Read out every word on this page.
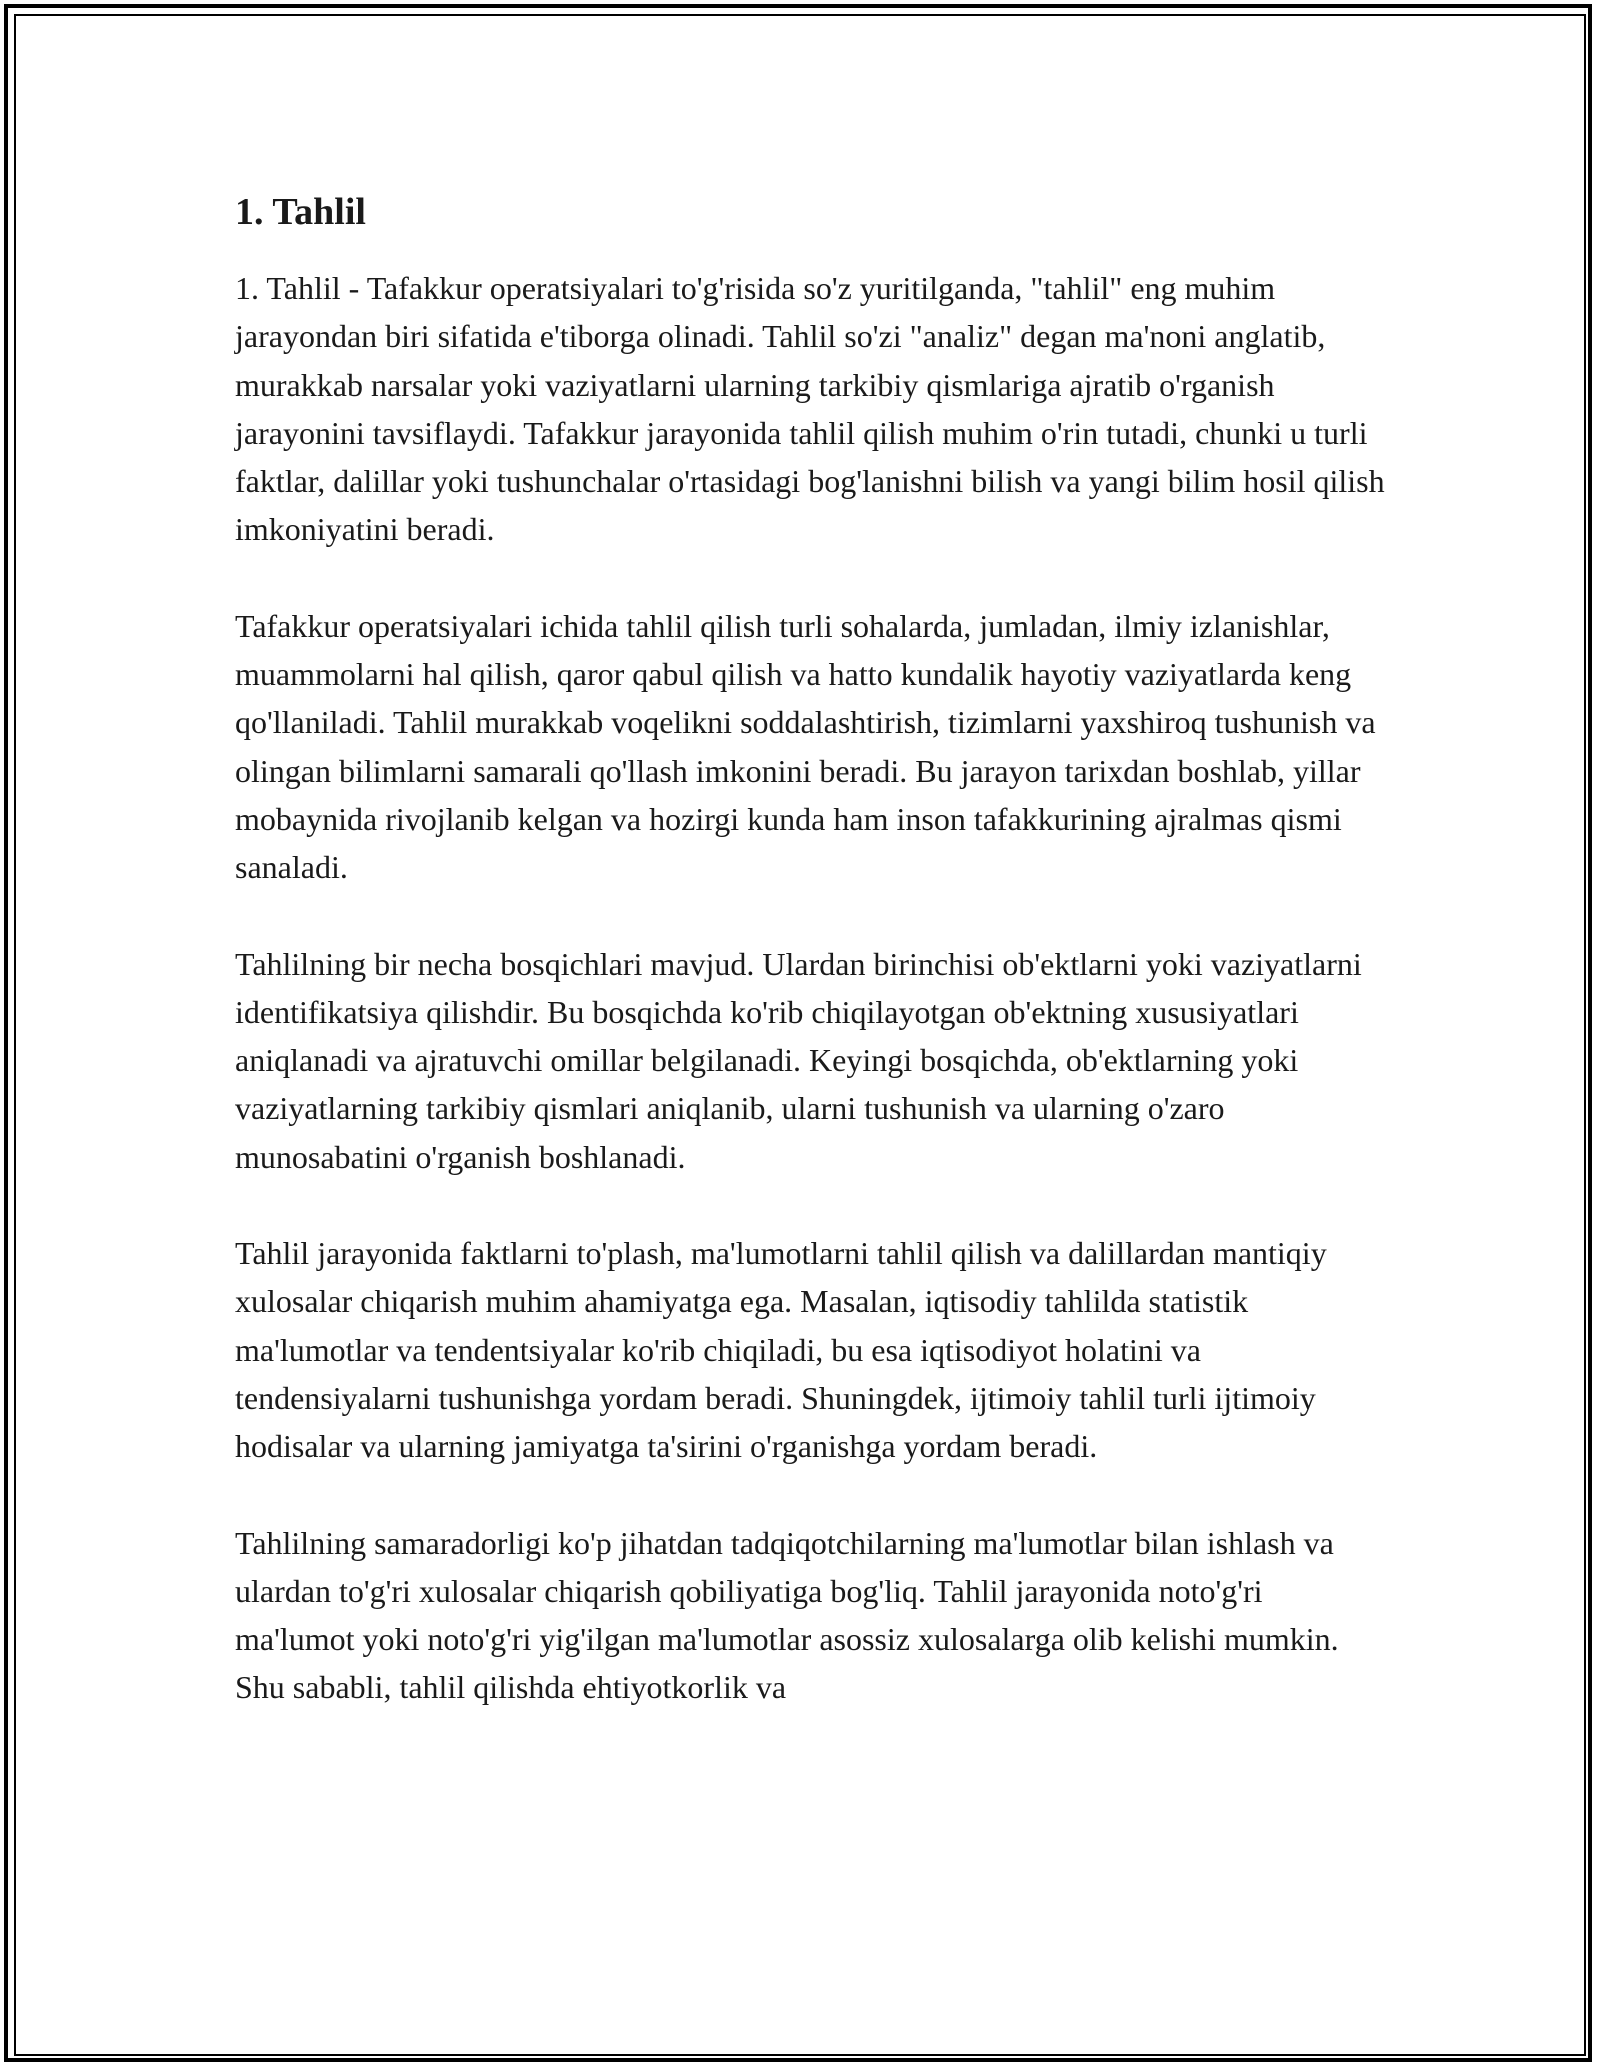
1. Tahlil

1. Tahlil - Tafakkur operatsiyalari to'g'risida so'z yuritilganda, "tahlil" eng muhim jarayondan biri sifatida e'tiborga olinadi. Tahlil so'zi "analiz" degan ma'noni anglatib, murakkab narsalar yoki vaziyatlarni ularning tarkibiy qismlariga ajratib o'rganish jarayonini tavsiflaydi. Tafakkur jarayonida tahlil qilish muhim o'rin tutadi, chunki u turli faktlar, dalillar yoki tushunchalar o'rtasidagi bog'lanishni bilish va yangi bilim hosil qilish imkoniyatini beradi.

Tafakkur operatsiyalari ichida tahlil qilish turli sohalarda, jumladan, ilmiy izlanishlar, muammolarni hal qilish, qaror qabul qilish va hatto kundalik hayotiy vaziyatlarda keng qo'llaniladi. Tahlil murakkab voqelikni soddalashtirish, tizimlarni yaxshiroq tushunish va olingan bilimlarni samarali qo'llash imkonini beradi. Bu jarayon tarixdan boshlab, yillar mobaynida rivojlanib kelgan va hozirgi kunda ham inson tafakkurining ajralmas qismi sanaladi.

Tahlilning bir necha bosqichlari mavjud. Ulardan birinchisi ob'ektlarni yoki vaziyatlarni identifikatsiya qilishdir. Bu bosqichda ko'rib chiqilayotgan ob'ektning xususiyatlari aniqlanadi va ajratuvchi omillar belgilanadi. Keyingi bosqichda, ob'ektlarning yoki vaziyatlarning tarkibiy qismlari aniqlanib, ularni tushunish va ularning o'zaro munosabatini o'rganish boshlanadi.

Tahlil jarayonida faktlarni to'plash, ma'lumotlarni tahlil qilish va dalillardan mantiqiy xulosalar chiqarish muhim ahamiyatga ega. Masalan, iqtisodiy tahlilda statistik ma'lumotlar va tendentsiyalar ko'rib chiqiladi, bu esa iqtisodiyot holatini va tendensiyalarni tushunishga yordam beradi. Shuningdek, ijtimoiy tahlil turli ijtimoiy hodisalar va ularning jamiyatga ta'sirini o'rganishga yordam beradi.

Tahlilning samaradorligi ko'p jihatdan tadqiqotchilarning ma'lumotlar bilan ishlash va ulardan to'g'ri xulosalar chiqarish qobiliyatiga bog'liq. Tahlil jarayonida noto'g'ri ma'lumot yoki noto'g'ri yig'ilgan ma'lumotlar asossiz xulosalarga olib kelishi mumkin. Shu sababli, tahlil qilishda ehtiyotkorlik va
